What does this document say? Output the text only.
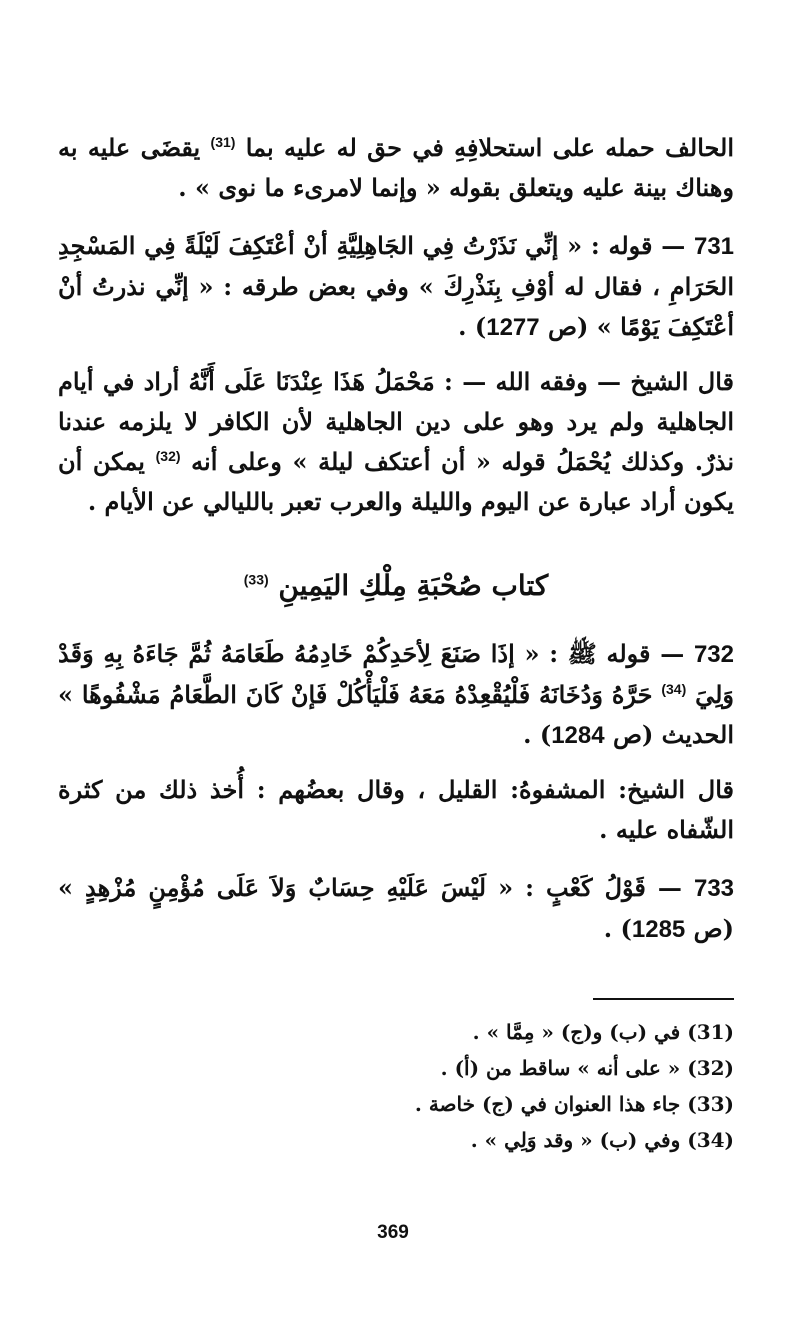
الحالف حمله على استحلافِهِ في حق له عليه بما $^{(31)}$ يقضَى عليه به وهناك بينة عليه ويتعلق بقوله « وإنما لامرىء ما نوى » .

731 — قوله : « إنِّي نَذَرْتُ فِي الجَاهِلِيَّةِ أنْ أعْتَكِفَ لَيْلَةً فِي المَسْجِدِ الحَرَامِ ، فقال له أوْفِ بِنَذْرِكَ » وفي بعض طرقه : « إنِّي نذرتُ أنْ أعْتَكِفَ يَوْمًا » (ص 1277) .

قال الشيخ — وفقه الله — : مَحْمَلُ هَذَا عِنْدَنَا عَلَى أَنَّهُ أراد في أيام الجاهلية ولم يرد وهو على دين الجاهلية لأن الكافر لا يلزمه عندنا نذرٌ. وكذلك يُحْمَلُ قوله « أن أعتكف ليلة » وعلى أنه $^{(32)}$ يمكن أن يكون أراد عبارة عن اليوم والليلة والعرب تعبر بالليالي عن الأيام .

كتاب صُحْبَةِ مِلْكِ اليَمِينِ $^{(33)}$

732 — قوله ﷺ : « إذَا صَنَعَ لِأحَدِكُمْ خَادِمُهُ طَعَامَهُ ثُمَّ جَاءَهُ بِهِ وَقَدْ وَلِيَ $^{(34)}$ حَرَّهُ وَدُخَانَهُ فَلْيُقْعِدْهُ مَعَهُ فَلْيَأْكُلْ فَإنْ كَانَ الطَّعَامُ مَشْفُوهًا » الحديث (ص 1284) .

قال الشيخ: المشفوهُ: القليل ، وقال بعضُهم : أُخذ ذلك من كثرة الشّفاه عليه .

733 — قَوْلُ كَعْبٍ : « لَيْسَ عَلَيْهِ حِسَابٌ وَلاَ عَلَى مُؤْمِنٍ مُزْهِدٍ » (ص 1285) .

(31) في (ب) و(ج) « مِمَّا » .
(32) « على أنه » ساقط من (أ) .
(33) جاء هذا العنوان في (ج) خاصة .
(34) وفي (ب) « وقد وَلِي » .
369
